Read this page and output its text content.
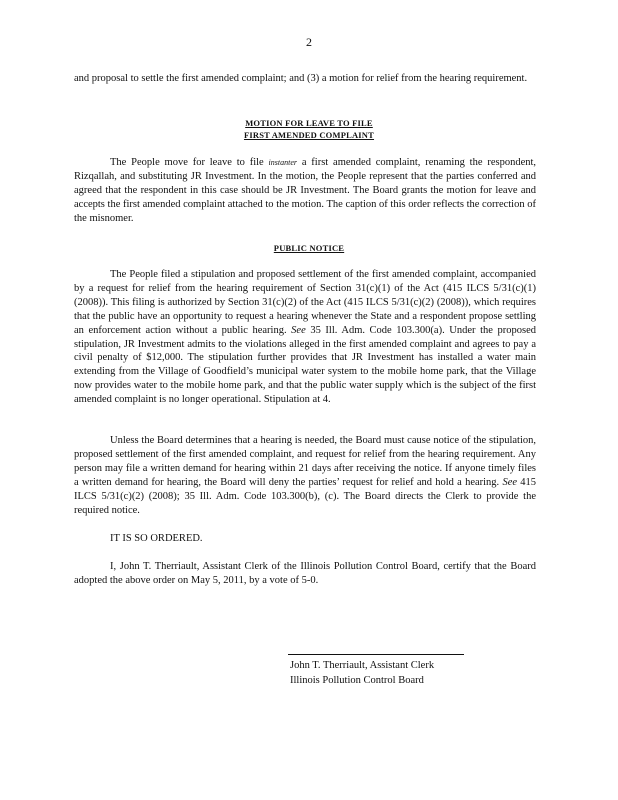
2

and proposal to settle the first amended complaint; and (3) a motion for relief from the hearing requirement.

MOTION FOR LEAVE TO FILE
FIRST AMENDED COMPLAINT

The People move for leave to file instanter a first amended complaint, renaming the respondent, Rizqallah, and substituting JR Investment. In the motion, the People represent that the parties conferred and agreed that the respondent in this case should be JR Investment. The Board grants the motion for leave and accepts the first amended complaint attached to the motion. The caption of this order reflects the correction of the misnomer.

PUBLIC NOTICE

The People filed a stipulation and proposed settlement of the first amended complaint, accompanied by a request for relief from the hearing requirement of Section 31(c)(1) of the Act (415 ILCS 5/31(c)(1) (2008)). This filing is authorized by Section 31(c)(2) of the Act (415 ILCS 5/31(c)(2) (2008)), which requires that the public have an opportunity to request a hearing whenever the State and a respondent propose settling an enforcement action without a public hearing. See 35 Ill. Adm. Code 103.300(a). Under the proposed stipulation, JR Investment admits to the violations alleged in the first amended complaint and agrees to pay a civil penalty of $12,000. The stipulation further provides that JR Investment has installed a water main extending from the Village of Goodfield’s municipal water system to the mobile home park, that the Village now provides water to the mobile home park, and that the public water supply which is the subject of the first amended complaint is no longer operational. Stipulation at 4.

Unless the Board determines that a hearing is needed, the Board must cause notice of the stipulation, proposed settlement of the first amended complaint, and request for relief from the hearing requirement. Any person may file a written demand for hearing within 21 days after receiving the notice. If anyone timely files a written demand for hearing, the Board will deny the parties’ request for relief and hold a hearing. See 415 ILCS 5/31(c)(2) (2008); 35 Ill. Adm. Code 103.300(b), (c). The Board directs the Clerk to provide the required notice.

IT IS SO ORDERED.

I, John T. Therriault, Assistant Clerk of the Illinois Pollution Control Board, certify that the Board adopted the above order on May 5, 2011, by a vote of 5-0.

John T. Therriault, Assistant Clerk
Illinois Pollution Control Board
